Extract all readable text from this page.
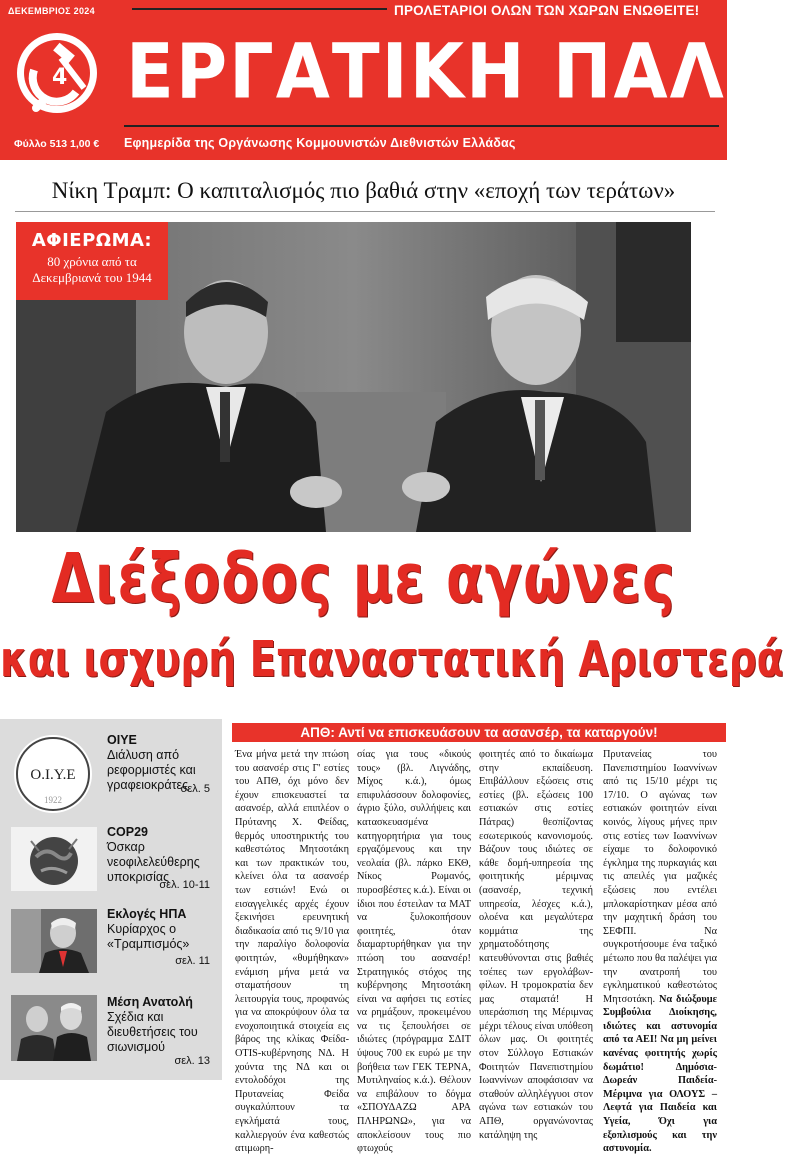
ΔΕΚΕΜΒΡΙΟΣ 2024	ΠΡΟΛΕΤΑΡΙΟΙ ΟΛΩΝ ΤΩΝ ΧΩΡΩΝ ΕΝΩΘΕΙΤΕ!
4 ΕΡΓΑΤΙΚΗ ΠΑΛΗ
Φύλλο 513 1,00 € Εφημερίδα της Οργάνωσης Κομμουνιστών Διεθνιστών Ελλάδας
Νίκη Τραμπ: Ο καπιταλισμός πιο βαθιά στην «εποχή των τεράτων»
ΑΦΙΕΡΩΜΑ:
80 χρόνια από τα
Δεκεμβριανά του 1944
Διέξοδος με αγώνες
και ισχυρή Επαναστατική Αριστερά
O.I.Y.E
1922
ΟΙΥΕ
Διάλυση από ρεφορμιστές και γραφειοκράτες
σελ. 5
COP29
Όσκαρ νεοφιλελεύθερης υποκρισίας
σελ. 10-11
Εκλογές ΗΠΑ
Κυρίαρχος ο «Τραμπισμός»
σελ. 11
Μέση Ανατολή
Σχέδια και διευθετήσεις του σιωνισμού
σελ. 13
ΑΠΘ: Αντί να επισκευάσουν τα ασανσέρ, τα καταργούν!
Ένα μήνα μετά την πτώση του ασανσέρ στις Γ' εστίες του ΑΠΘ, όχι μόνο δεν έχουν επισκευαστεί τα ασανσέρ, αλλά επιπλέον ο Πρύτανης Χ. Φείδας, θερμός υποστηρικτής του καθεστώτος Μητσοτάκη και των πρακτικών του, κλείνει όλα τα ασανσέρ των εστιών! Ενώ οι εισαγγελικές αρχές έχουν ξεκινήσει ερευνητική διαδικασία από τις 9/10 για την παραλίγο δολοφονία φοιτητών, «θυμήθηκαν» ενάμιση μήνα μετά να σταματήσουν τη λειτουργία τους, προφανώς για να αποκρύψουν όλα τα ενοχοποιητικά στοιχεία εις βάρος της κλίκας Φείδα-OTIS-κυβέρνησης ΝΔ. Η χούντα της ΝΔ και οι εντολοδόχοι της Πρυτανείας Φείδα συγκαλύπτουν τα εγκλήματά τους, καλλιεργούν ένα καθεστώς ατιμωρη-
σίας για τους «δικούς τους» (βλ. Λιγνάδης, Μίχος κ.ά.), όμως επιφυλάσσουν δολοφονίες, άγριο ξύλο, συλλήψεις και κατασκευασμένα κατηγορητήρια για τους εργαζόμενους και την νεολαία (βλ. πάρκο ΕΚΘ, Νίκος Ρωμανός, πυροσβέστες κ.ά.). Είναι οι ίδιοι που έστειλαν τα ΜΑΤ να ξυλοκοπήσουν φοιτητές, όταν διαμαρτυρήθηκαν για την πτώση του ασανσέρ! Στρατηγικός στόχος της κυβέρνησης Μητσοτάκη είναι να αφήσει τις εστίες να ρημάξουν, προκειμένου να τις ξεπουλήσει σε ιδιώτες (πρόγραμμα ΣΔΙΤ ύψους 700 εκ ευρώ με την βοήθεια των ΓΕΚ ΤΕΡΝΑ, Μυτιληναίος κ.ά.). Θέλουν να επιβάλουν το δόγμα «ΣΠΟΥΔΑΖΩ ΑΡΑ ΠΛΗΡΩΝΩ», για να αποκλείσουν τους πιο φτωχούς
φοιτητές από το δικαίωμα στην εκπαίδευση. Επιβάλλουν εξώσεις στις εστίες (βλ. εξώσεις 100 εστιακών στις εστίες Πάτρας) θεσπίζοντας εσωτερικούς κανονισμούς. Βάζουν τους ιδιώτες σε κάθε δομή-υπηρεσία της φοιτητικής μέριμνας (ασανσέρ, τεχνική υπηρεσία, λέσχες κ.ά.), ολοένα και μεγαλύτερα κομμάτια της χρηματοδότησης κατευθύνονται στις βαθιές τσέπες των εργολάβων-φίλων. Η τρομοκρατία δεν μας σταματά! Η υπεράσπιση της Μέριμνας μέχρι τέλους είναι υπόθεση όλων μας. Οι φοιτητές στον Σύλλογο Εστιακών Φοιτητών Πανεπιστημίου Ιωαννίνων αποφάσισαν να σταθούν αλληλέγγυοι στον αγώνα των εστιακών του ΑΠΘ, οργανώνοντας κατάληψη της
Πρυτανείας του Πανεπιστημίου Ιωαννίνων από τις 15/10 μέχρι τις 17/10. Ο αγώνας των εστιακών φοιτητών είναι κοινός, λίγους μήνες πριν στις εστίες των Ιωαννίνων είχαμε το δολοφονικό έγκλημα της πυρκαγιάς και τις απειλές για μαζικές εξώσεις που εντέλει μπλοκαρίστηκαν μέσα από την μαχητική δράση του ΣΕΦΠΙ. Να συγκροτήσουμε ένα ταξικό μέτωπο που θα παλέψει για την ανατροπή του εγκληματικού καθεστώτος Μητσοτάκη. Να διώξουμε Συμβούλια Διοίκησης, ιδιώτες και αστυνομία από τα ΑΕΙ! Να μη μείνει κανένας φοιτητής χωρίς δωμάτιο! Δημόσια-Δωρεάν Παιδεία-Μέριμνα για ΟΛΟΥΣ – Λεφτά για Παιδεία και Υγεία, Όχι για εξοπλισμούς και την αστυνομία.
